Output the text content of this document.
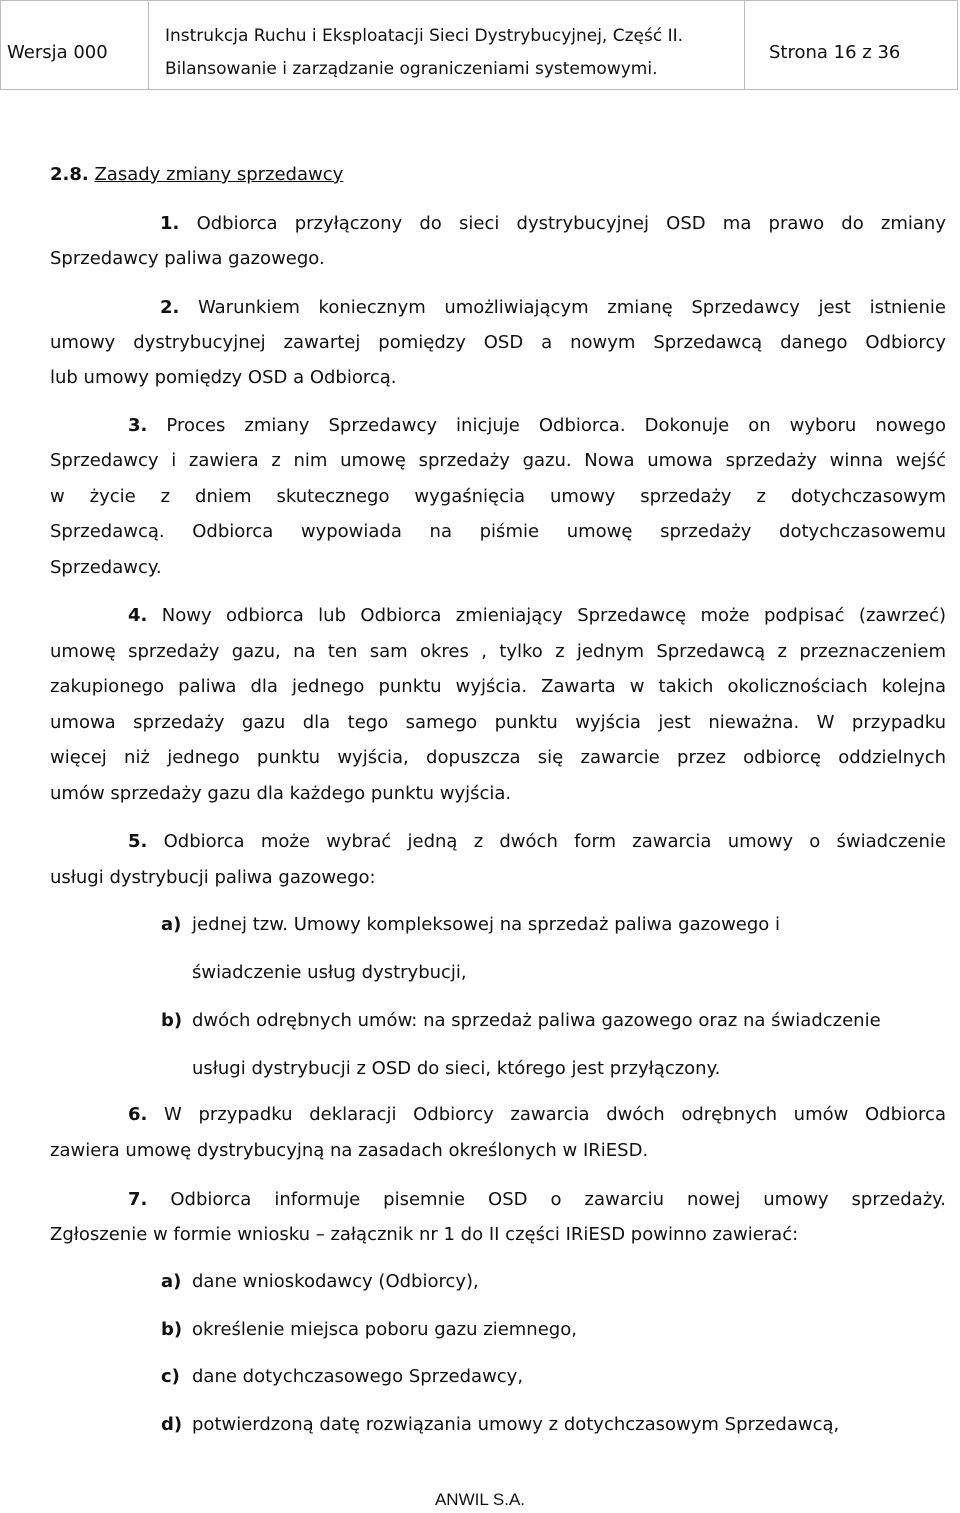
Wersja 000
Instrukcja Ruchu i Eksploatacji Sieci Dystrybucyjnej, Część II.
Bilansowanie i zarządzanie ograniczeniami systemowymi.
Strona 16 z 36
2.8. Zasady zmiany sprzedawcy
1. Odbiorca przyłączony do sieci dystrybucyjnej OSD ma prawo do zmiany
Sprzedawcy paliwa gazowego.
2. Warunkiem koniecznym umożliwiającym zmianę Sprzedawcy jest istnienie
umowy dystrybucyjnej zawartej pomiędzy OSD a nowym Sprzedawcą danego Odbiorcy
lub umowy pomiędzy OSD a Odbiorcą.
3. Proces zmiany Sprzedawcy inicjuje Odbiorca. Dokonuje on wyboru nowego
Sprzedawcy i zawiera z nim umowę sprzedaży gazu. Nowa umowa sprzedaży winna wejść
w życie z dniem skutecznego wygaśnięcia umowy sprzedaży z dotychczasowym
Sprzedawcą. Odbiorca wypowiada na piśmie umowę sprzedaży dotychczasowemu
Sprzedawcy.
4. Nowy odbiorca lub Odbiorca zmieniający Sprzedawcę może podpisać (zawrzeć)
umowę sprzedaży gazu, na ten sam okres , tylko z jednym Sprzedawcą z przeznaczeniem
zakupionego paliwa dla jednego punktu wyjścia. Zawarta w takich okolicznościach kolejna
umowa sprzedaży gazu dla tego samego punktu wyjścia jest nieważna. W przypadku
więcej niż jednego punktu wyjścia, dopuszcza się zawarcie przez odbiorcę oddzielnych
umów sprzedaży gazu dla każdego punktu wyjścia.
5. Odbiorca może wybrać jedną z dwóch form zawarcia umowy o świadczenie
usługi dystrybucji paliwa gazowego:
a) jednej tzw. Umowy kompleksowej na sprzedaż paliwa gazowego i
świadczenie usług dystrybucji,
b) dwóch odrębnych umów: na sprzedaż paliwa gazowego oraz na świadczenie
usługi dystrybucji z OSD do sieci, którego jest przyłączony.
6. W przypadku deklaracji Odbiorcy zawarcia dwóch odrębnych umów Odbiorca
zawiera umowę dystrybucyjną na zasadach określonych w IRiESD.
7. Odbiorca informuje pisemnie OSD o zawarciu nowej umowy sprzedaży.
Zgłoszenie w formie wniosku – załącznik nr 1 do II części IRiESD powinno zawierać:
a) dane wnioskodawcy (Odbiorcy),
b) określenie miejsca poboru gazu ziemnego,
c) dane dotychczasowego Sprzedawcy,
d) potwierdzoną datę rozwiązania umowy z dotychczasowym Sprzedawcą,
ANWIL S.A.
